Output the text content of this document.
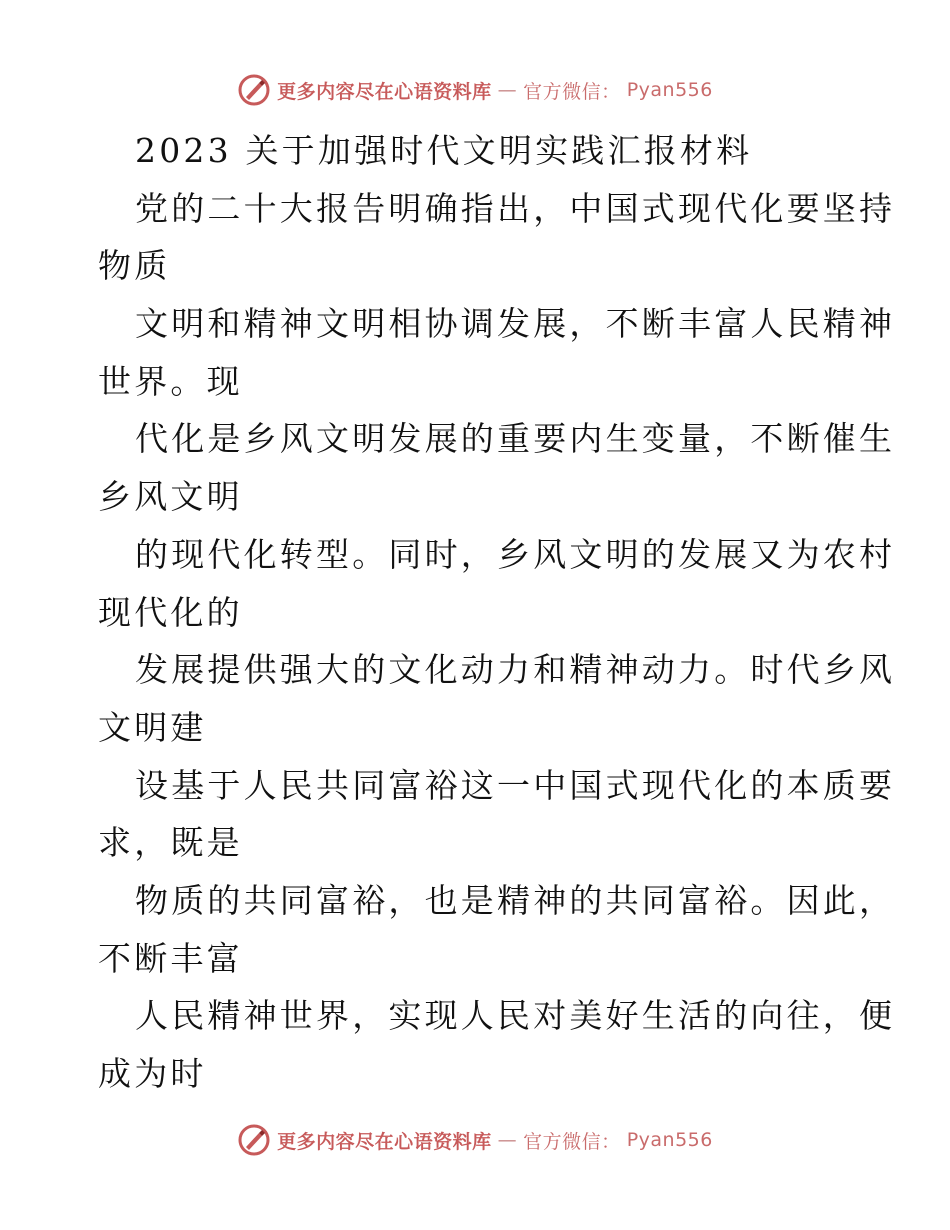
更多内容尽在心语资料库 — 官方微信： Pyan556
2023 关于加强时代文明实践汇报材料
党的二十大报告明确指出，中国式现代化要坚持
物质
文明和精神文明相协调发展，不断丰富人民精神
世界。现
代化是乡风文明发展的重要内生变量，不断催生
乡风文明
的现代化转型。同时，乡风文明的发展又为农村
现代化的
发展提供强大的文化动力和精神动力。时代乡风
文明建
设基于人民共同富裕这一中国式现代化的本质要
求，既是
物质的共同富裕，也是精神的共同富裕。因此，
不断丰富
人民精神世界，实现人民对美好生活的向往，便
成为时
更多内容尽在心语资料库 — 官方微信： Pyan556
